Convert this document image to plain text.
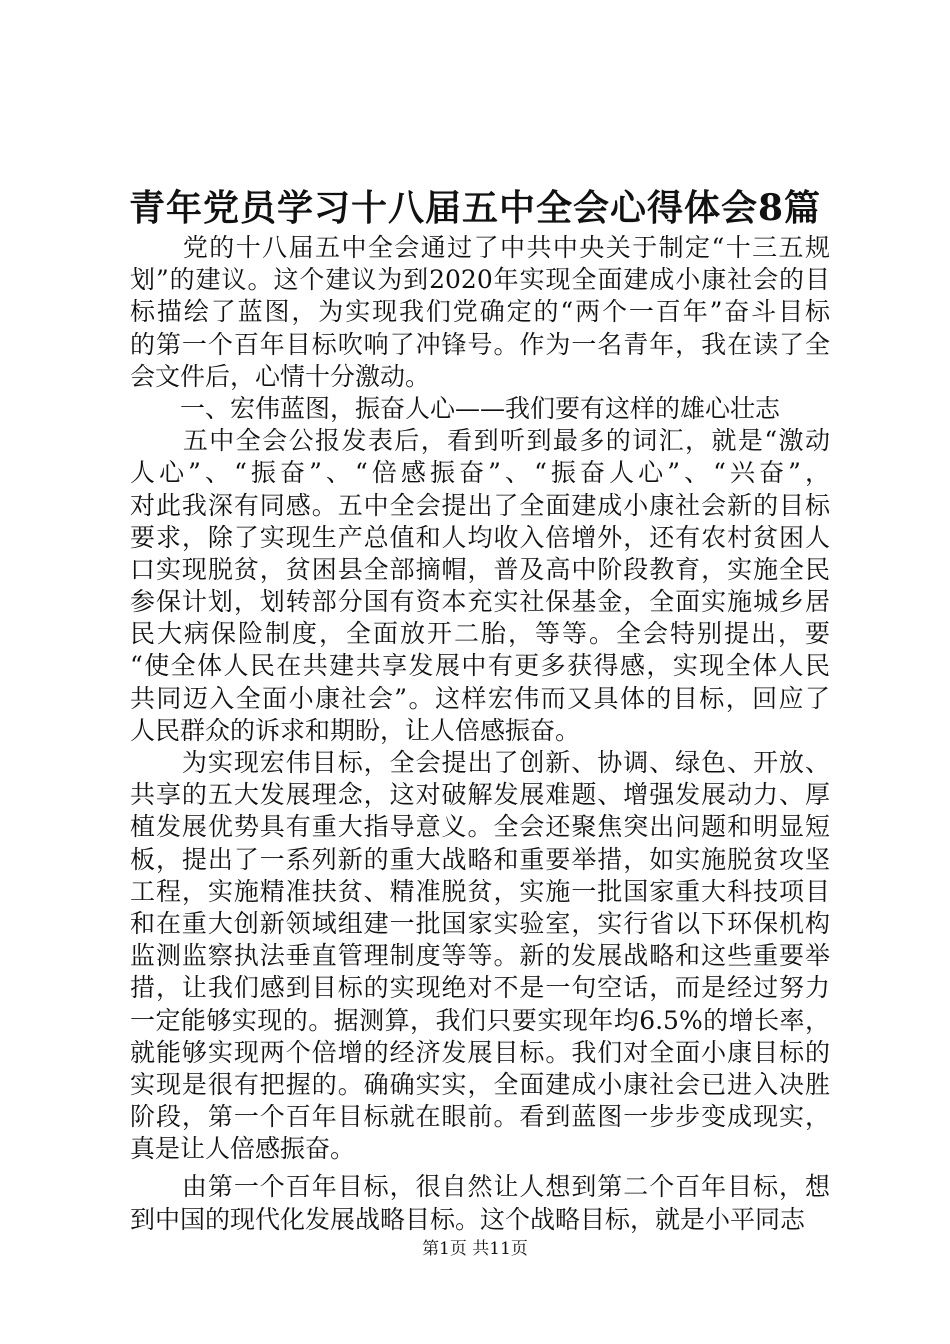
青年党员学习十八届五中全会心得体会8篇
　　党的十八届五中全会通过了中共中央关于制定“十三五规
划”的建议。这个建议为到2020年实现全面建成小康社会的目
标描绘了蓝图，为实现我们党确定的“两个一百年”奋斗目标
的第一个百年目标吹响了冲锋号。作为一名青年，我在读了全
会文件后，心情十分激动。
　　一、宏伟蓝图，振奋人心——我们要有这样的雄心壮志
　　五中全会公报发表后，看到听到最多的词汇，就是“激动
人心”、“振奋”、“倍感振奋”、“振奋人心”、“兴奋”，
对此我深有同感。五中全会提出了全面建成小康社会新的目标
要求，除了实现生产总值和人均收入倍增外，还有农村贫困人
口实现脱贫，贫困县全部摘帽，普及高中阶段教育，实施全民
参保计划，划转部分国有资本充实社保基金，全面实施城乡居
民大病保险制度，全面放开二胎，等等。全会特别提出，要
“使全体人民在共建共享发展中有更多获得感，实现全体人民
共同迈入全面小康社会”。这样宏伟而又具体的目标，回应了
人民群众的诉求和期盼，让人倍感振奋。
　　为实现宏伟目标，全会提出了创新、协调、绿色、开放、
共享的五大发展理念，这对破解发展难题、增强发展动力、厚
植发展优势具有重大指导意义。全会还聚焦突出问题和明显短
板，提出了一系列新的重大战略和重要举措，如实施脱贫攻坚
工程，实施精准扶贫、精准脱贫，实施一批国家重大科技项目
和在重大创新领域组建一批国家实验室，实行省以下环保机构
监测监察执法垂直管理制度等等。新的发展战略和这些重要举
措，让我们感到目标的实现绝对不是一句空话，而是经过努力
一定能够实现的。据测算，我们只要实现年均6.5%的增长率，
就能够实现两个倍增的经济发展目标。我们对全面小康目标的
实现是很有把握的。确确实实，全面建成小康社会已进入决胜
阶段，第一个百年目标就在眼前。看到蓝图一步步变成现实，
真是让人倍感振奋。
　　由第一个百年目标，很自然让人想到第二个百年目标，想
到中国的现代化发展战略目标。这个战略目标，就是小平同志
第1页 共11页
